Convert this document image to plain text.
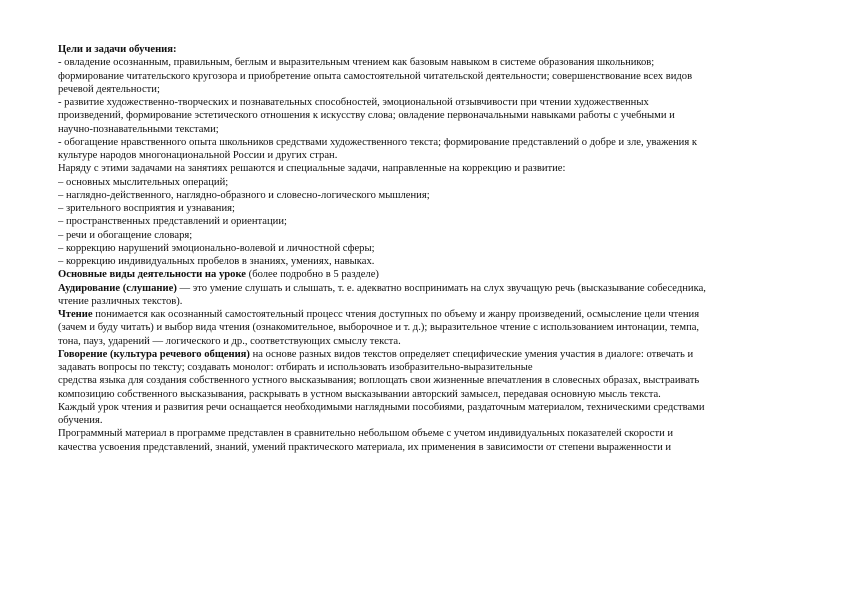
Цели и задачи обучения:
- овладение осознанным, правильным, беглым и выразительным чтением как базовым навыком в системе образования школьников;
формирование читательского кругозора и приобретение опыта самостоятельной читательской деятельности; совершенствование всех видов
речевой деятельности;
- развитие художественно-творческих и познавательных способностей, эмоциональной отзывчивости при чтении художественных
произведений, формирование эстетического отношения к искусству слова; овладение первоначальными навыками работы с учебными и
научно-познавательными текстами;
- обогащение нравственного опыта школьников средствами художественного текста; формирование представлений о добре и зле, уважения к
культуре народов многонациональной России и других стран.
Наряду с этими задачами на занятиях решаются и специальные задачи, направленные на коррекцию и развитие:
– основных мыслительных операций;
– наглядно-действенного, наглядно-образного и словесно-логического мышления;
– зрительного восприятия и узнавания;
– пространственных представлений и ориентации;
– речи и обогащение словаря;
– коррекцию нарушений эмоционально-волевой и личностной сферы;
– коррекцию индивидуальных пробелов в знаниях, умениях, навыках.
Основные виды деятельности на уроке (более подробно в 5 разделе)
Аудирование (слушание) — это умение слушать и слышать, т. е. адекватно воспринимать на слух звучащую речь (высказывание собеседника,
чтение различных текстов).
Чтение понимается как осознанный самостоятельный процесс чтения доступных по объему и жанру произведений, осмысление цели чтения
(зачем и буду читать) и выбор вида чтения (ознакомительное, выборочное и т. д.); выразительное чтение с использованием интонации, темпа,
тона, пауз, ударений — логического и др., соответствующих смыслу текста.
Говорение (культура речевого общения) на основе разных видов текстов определяет специфические умения участия в диалоге: отвечать и
задавать вопросы по тексту; создавать монолог: отбирать и использовать изобразительно-выразительные
средства языка для создания собственного устного высказывания; воплощать свои жизненные впечатления в словесных образах, выстраивать
композицию собственного высказывания, раскрывать в устном высказывании авторский замысел, передавая основную мысль текста.
Каждый урок чтения и развития речи оснащается необходимыми наглядными пособиями, раздаточным материалом, техническими средствами
обучения.
Программный материал в программе представлен в сравнительно небольшом объеме с учетом индивидуальных показателей скорости и
качества усвоения представлений, знаний, умений практического материала, их применения в зависимости от степени выраженности и
